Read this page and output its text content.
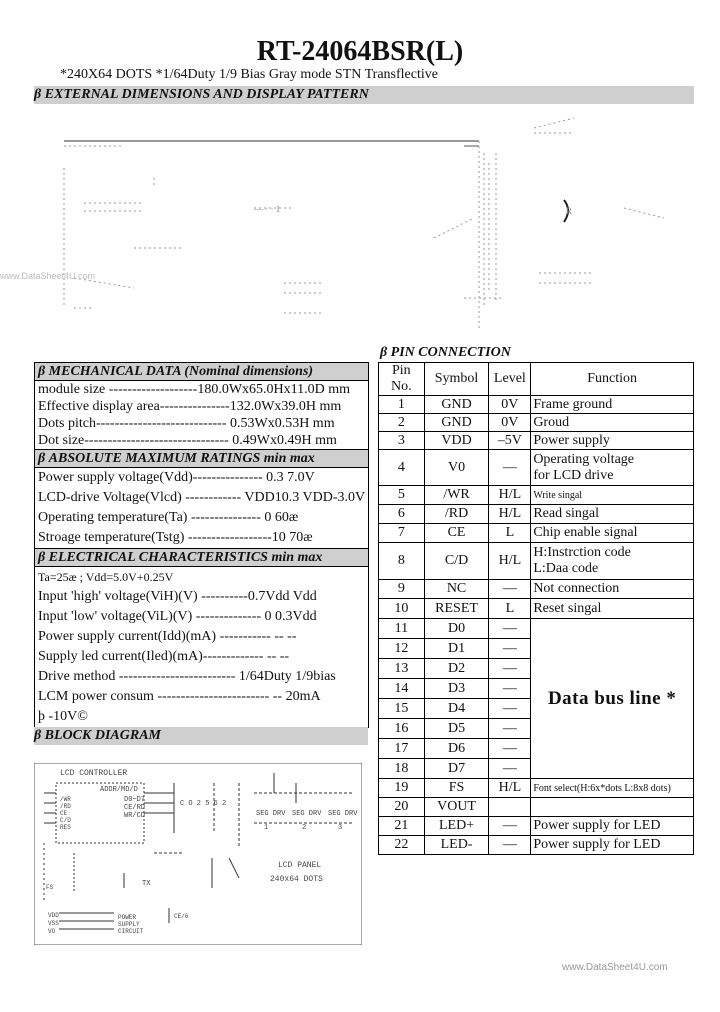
RT-24064BSR(L)
*240X64 DOTS *1/64Duty 1/9 Bias Gray mode STN Transflective
β EXTERNAL DIMENSIONS AND DISPLAY PATTERN
www.DataSheet4U.com
— · · 1	R
β PIN CONNECTION
β MECHANICAL DATA (Nominal dimensions)
module size -------------------180.0Wx65.0Hx11.0D mm
Effective display area---------------132.0Wx39.0H mm
Dots pitch---------------------------- 0.53Wx0.53H mm
Dot size------------------------------- 0.49Wx0.49H mm
β ABSOLUTE MAXIMUM RATINGS min max
Power supply voltage(Vdd)--------------- 0.3 7.0V
LCD-drive Voltage(Vlcd) ------------ VDD10.3 VDD-3.0V
Operating temperature(Ta) --------------- 0 60æ
Stroage temperature(Tstg) ------------------10 70æ
β ELECTRICAL CHARACTERISTICS min max
Ta=25æ ; Vdd=5.0V+0.25V
Input 'high' voltage(ViH)(V) ----------0.7Vdd Vdd
Input 'low' voltage(ViL)(V) -------------- 0 0.3Vdd
Power supply current(Idd)(mA) ----------- -- --
Supply led current(Iled)(mA)------------- -- --
Drive method ------------------------- 1/64Duty 1/9bias
LCM power consum ------------------------ -- 20mA
þ -10V©
β BLOCK DIAGRAM
LCD CONTROLLER
ADDR/MD/D
D0~D7
CE/RD
WR/CD
C O 2 5 6 2
SEG DRV SEG DRV SEG DRV
1	2	3
LCD PANEL
240x64 DOTS
/WR
/RD
CE
C/D
RES
FS	TX
POWER
SUPPLY
CIRCUIT
VDD
VSS
VO
CE/6
Pin No.	Symbol	Level	Function
1	GND	0V	Frame ground
2	GND	0V	Groud
3	VDD	–5V	Power supply
4	V0	—	Operating voltage
for LCD drive

5	/WR	H/L	Write singal
6	/RD	H/L	Read singal
7	CE	L	Chip enable signal
8	C/D	H/L	H:Instrction code
L:Daa code

9	NC	—	Not connection
10	RESET	L	Reset singal
11	D0	—	Data bus line *
12	D1	—	
13	D2	—	
14	D3	—	
15	D4	—	
16	D5	—	
17	D6	—	
18	D7	—	
19	FS	H/L	Font select(H:6x*dots L:8x8 dots)
20	VOUT		
21	LED+	—	Power supply for LED
22	LED-	—	Power supply for LED
www.DataSheet4U.com
